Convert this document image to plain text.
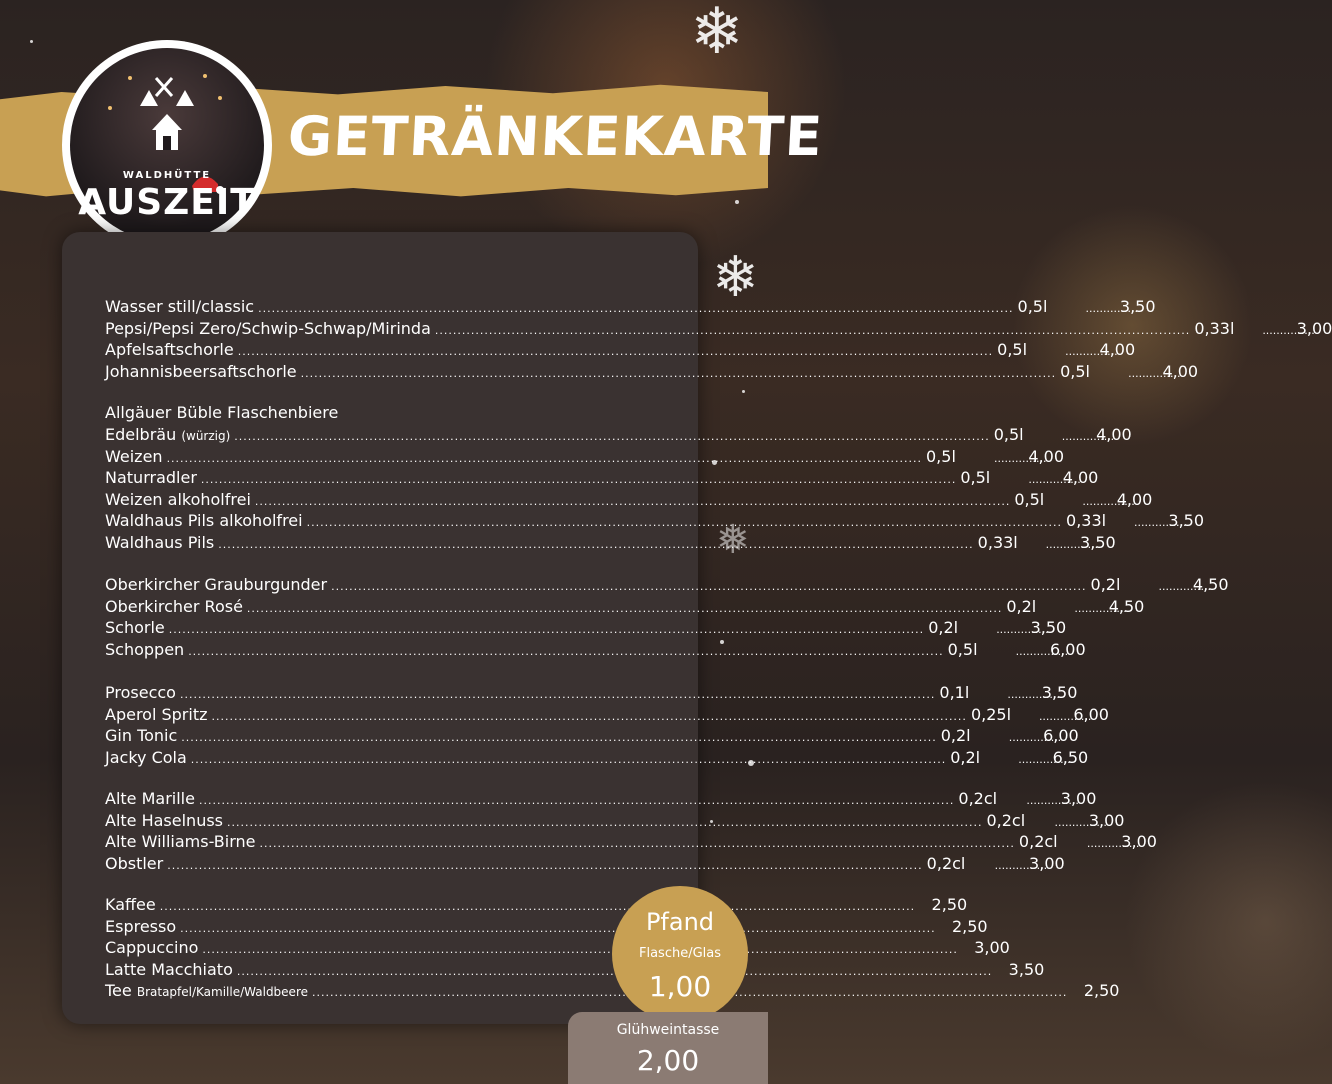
❄
❄
❅
GETRÄNKEKARTE
WALDHÜTTE
AUSZEIT
Wasser still/classic .....	0,5l .....	3,50
Pepsi/Pepsi Zero/Schwip-Schwap/Mirinda .....	0,33l .....	3,00
Apfelsaftschorle .....	0,5l .....	4,00
Johannisbeersaftschorle .....	0,5l .....	4,00
Allgäuer Büble Flaschenbiere
Edelbräu (würzig) .....	0,5l .....	4,00
Weizen .....	0,5l .....	4,00
Naturradler .....	0,5l .....	4,00
Weizen alkoholfrei .....	0,5l .....	4,00
Waldhaus Pils alkoholfrei .....	0,33l .....	3,50
Waldhaus Pils .....	0,33l .....	3,50
Oberkircher Grauburgunder .....	0,2l .....	4,50
Oberkircher Rosé .....	0,2l .....	4,50
Schorle .....	0,2l .....	3,50
Schoppen .....	0,5l .....	6,00
Prosecco .....	0,1l .....	3,50
Aperol Spritz .....	0,25l .....	6,00
Gin Tonic .....	0,2l .....	6,00
Jacky Cola .....	0,2l .....	6,50
Alte Marille .....	0,2cl .....	3,00
Alte Haselnuss .....	0,2cl .....	3,00
Alte Williams-Birne .....	0,2cl .....	3,00
Obstler .....	0,2cl .....	3,00
Kaffee .....	2,50
Espresso .....	2,50
Cappuccino .....	3,00
Latte Macchiato .....	3,50
Tee Bratapfel/Kamille/Waldbeere .....	2,50
Pfand
Flasche/Glas
1,00
Glühweintasse
2,00
